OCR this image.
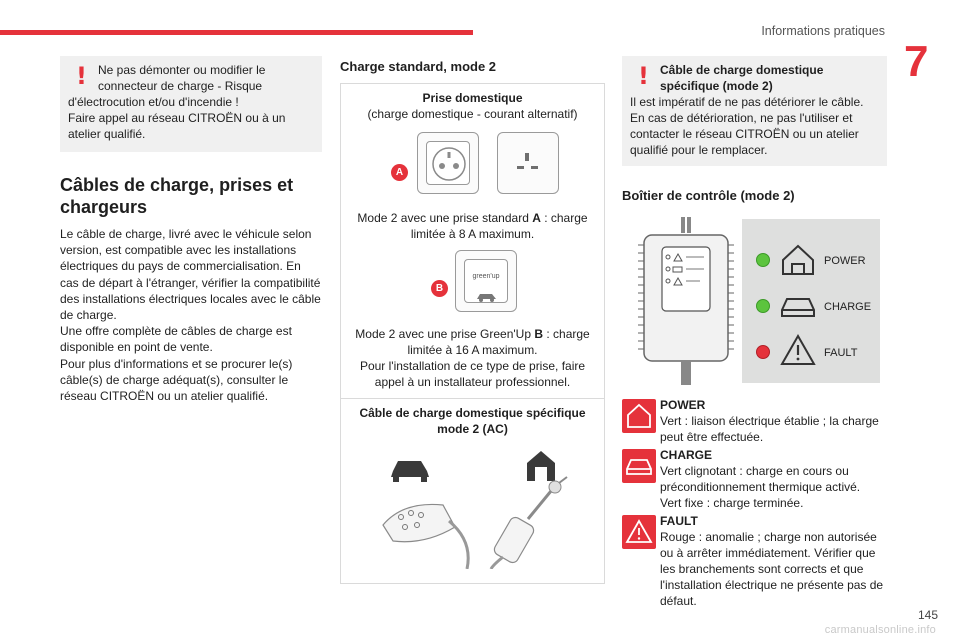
Informations pratiques
7
! Ne pas démonter ou modifier le
connecteur de charge - Risque
d'électrocution et/ou d'incendie !
Faire appel au réseau CITROËN ou à un
atelier qualifié.
Câbles de charge, prises et chargeurs

Le câble de charge, livré avec le véhicule selon version, est compatible avec les installations électriques du pays de commercialisation. En cas de départ à l'étranger, vérifier la compatibilité des installations électriques locales avec le câble de charge.

Une offre complète de câbles de charge est disponible en point de vente.

Pour plus d'informations et se procurer le(s) câble(s) de charge adéquat(s), consulter le réseau CITROËN ou un atelier qualifié.

Charge standard, mode 2
Prise domestique
(charge domestique - courant alternatif)
A
Mode 2 avec une prise standard A : charge limitée à 8 A maximum.
B
green'up
Mode 2 avec une prise Green'Up B : charge limitée à 16 A maximum.
Pour l'installation de ce type de prise, faire appel à un installateur professionnel.
Câble de charge domestique spécifique mode 2 (AC)
! Câble de charge domestique spécifique (mode 2)
Il est impératif de ne pas détériorer le câble. En cas de détérioration, ne pas l'utiliser et contacter le réseau CITROËN ou un atelier qualifié pour le remplacer.
Boîtier de contrôle (mode 2)
POWER
CHARGE
FAULT
POWER
Vert : liaison électrique établie ; la charge peut être effectuée.
CHARGE
Vert clignotant : charge en cours ou préconditionnement thermique activé.
Vert fixe : charge terminée.
FAULT
Rouge : anomalie ; charge non autorisée ou à arrêter immédiatement. Vérifier que les branchements sont corrects et que l'installation électrique ne présente pas de défaut.
145
carmanualsonline.info
